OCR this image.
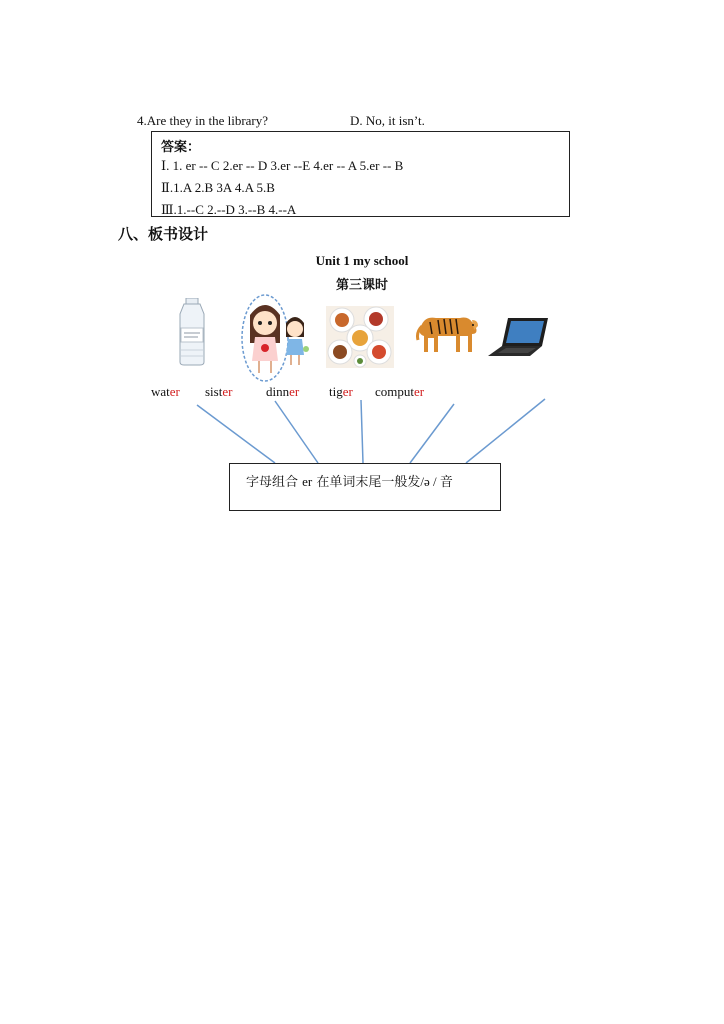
4.Are they in the library?	D. No, it isn’t.
答案：
Ⅰ. 1. er -- C 2.er -- D 3.er --E 4.er -- A 5.er -- B
Ⅱ.1.A 2.B 3A 4.A 5.B
Ⅲ.1.--C 2.--D 3.--B 4.--A
八、板书设计
Unit 1 my school
第三课时
water sister	dinner tiger computer
字母组合 er 在单词末尾一般发/ə / 音
